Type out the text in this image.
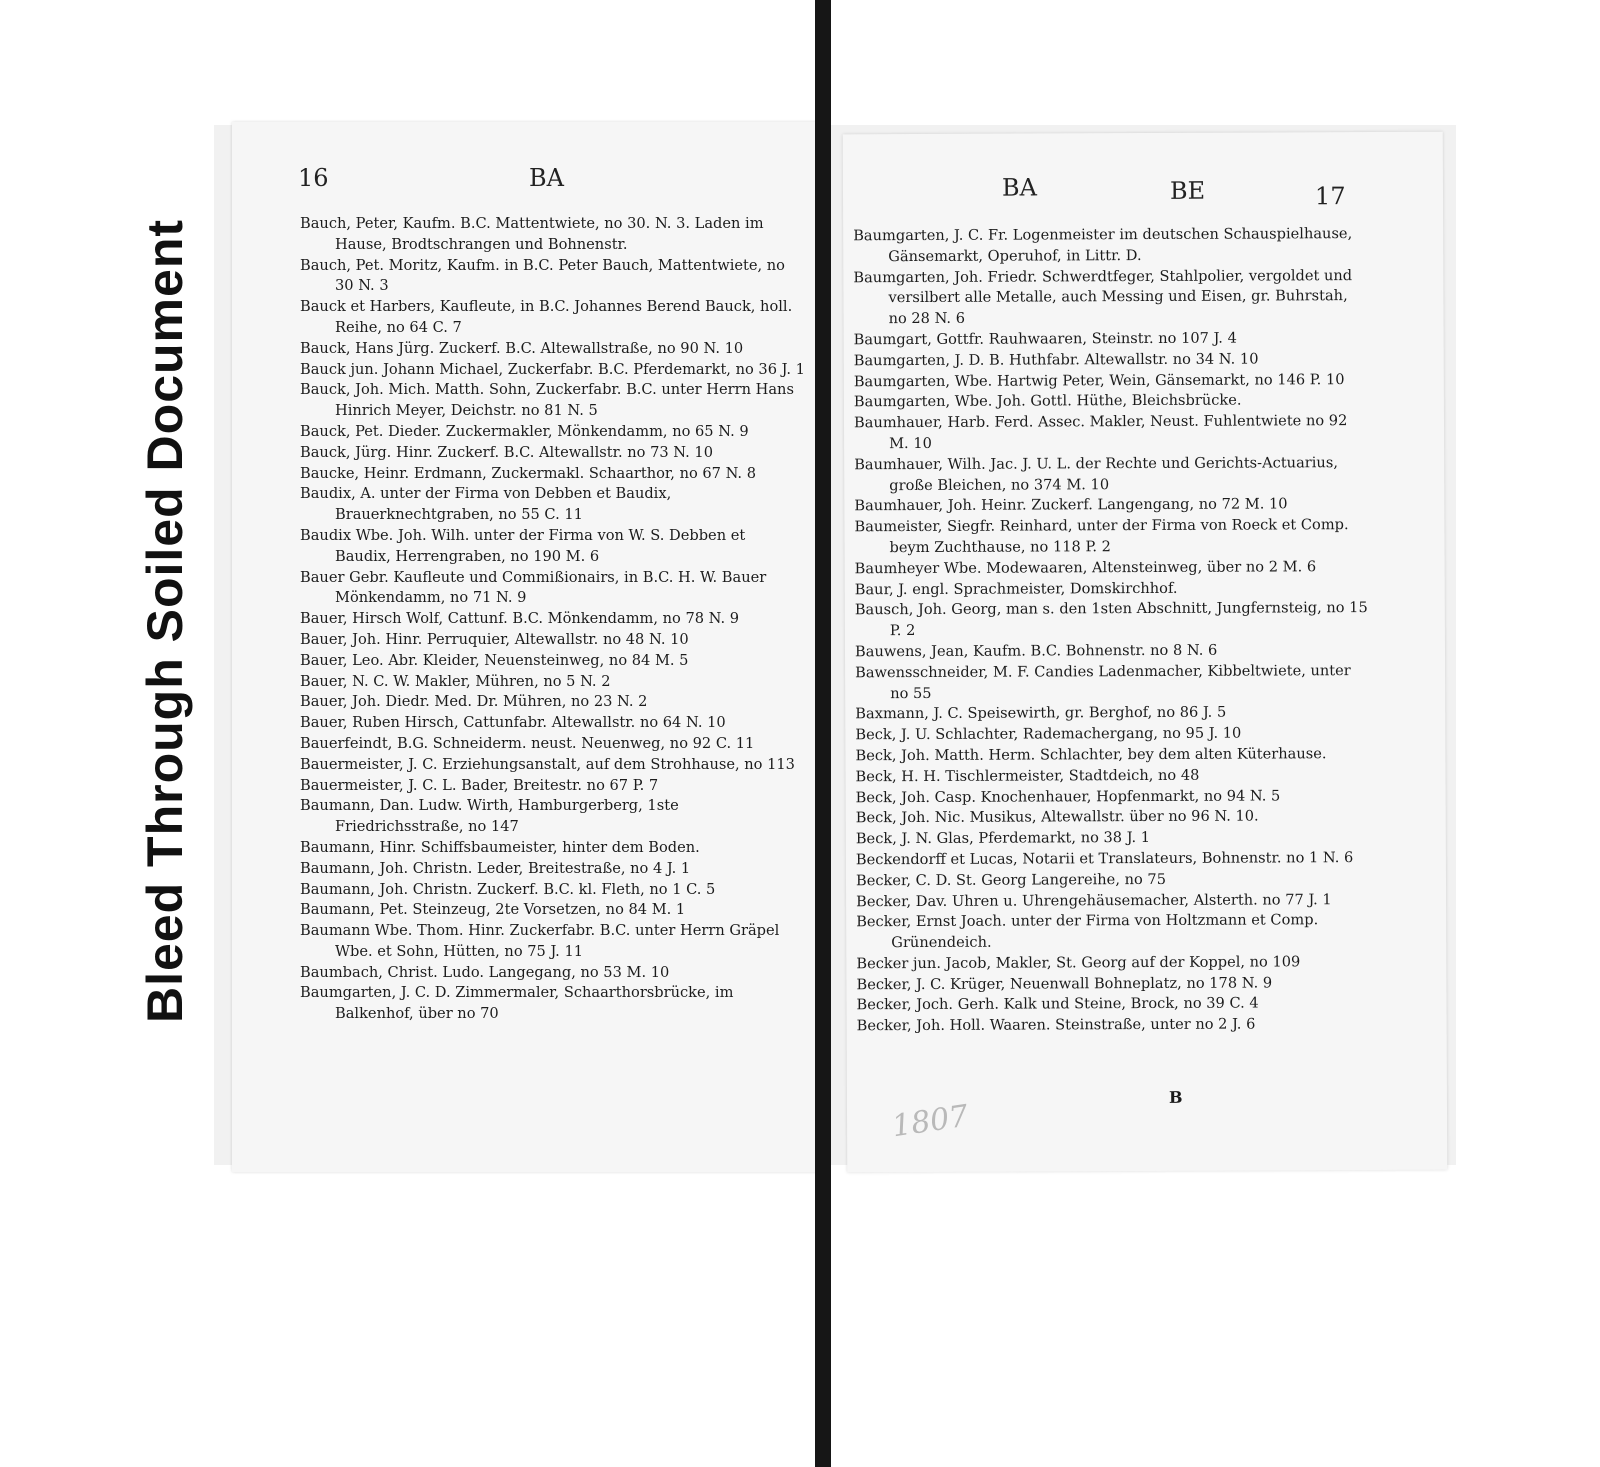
Bleed Through Soiled Document
16	BA
Bauch, Peter, Kaufm. B.C. Mattentwiete, no 30. N. 3. Laden im Hause, Brodtschrangen und Bohnenstr.
Bauch, Pet. Moritz, Kaufm. in B.C. Peter Bauch, Mattentwiete, no 30 N. 3
Bauck et Harbers, Kaufleute, in B.C. Johannes Berend Bauck, holl. Reihe, no 64 C. 7
Bauck, Hans Jürg. Zuckerf. B.C. Altewallstraße, no 90 N. 10
Bauck jun. Johann Michael, Zuckerfabr. B.C. Pferdemarkt, no 36 J. 1
Bauck, Joh. Mich. Matth. Sohn, Zuckerfabr. B.C. unter Herrn Hans Hinrich Meyer, Deichstr. no 81 N. 5
Bauck, Pet. Dieder. Zuckermakler, Mönkendamm, no 65 N. 9
Bauck, Jürg. Hinr. Zuckerf. B.C. Altewallstr. no 73 N. 10
Baucke, Heinr. Erdmann, Zuckermakl. Schaarthor, no 67 N. 8
Baudix, A. unter der Firma von Debben et Baudix, Brauerknechtgraben, no 55 C. 11
Baudix Wbe. Joh. Wilh. unter der Firma von W. S. Debben et Baudix, Herrengraben, no 190 M. 6
Bauer Gebr. Kaufleute und Commißionairs, in B.C. H. W. Bauer Mönkendamm, no 71 N. 9
Bauer, Hirsch Wolf, Cattunf. B.C. Mönkendamm, no 78 N. 9
Bauer, Joh. Hinr. Perruquier, Altewallstr. no 48 N. 10
Bauer, Leo. Abr. Kleider, Neuensteinweg, no 84 M. 5
Bauer, N. C. W. Makler, Mühren, no 5 N. 2
Bauer, Joh. Diedr. Med. Dr. Mühren, no 23 N. 2
Bauer, Ruben Hirsch, Cattunfabr. Altewallstr. no 64 N. 10
Bauerfeindt, B.G. Schneiderm. neust. Neuenweg, no 92 C. 11
Bauermeister, J. C. Erziehungsanstalt, auf dem Strohhause, no 113
Bauermeister, J. C. L. Bader, Breitestr. no 67 P. 7
Baumann, Dan. Ludw. Wirth, Hamburgerberg, 1ste Friedrichsstraße, no 147
Baumann, Hinr. Schiffsbaumeister, hinter dem Boden.
Baumann, Joh. Christn. Leder, Breitestraße, no 4 J. 1
Baumann, Joh. Christn. Zuckerf. B.C. kl. Fleth, no 1 C. 5
Baumann, Pet. Steinzeug, 2te Vorsetzen, no 84 M. 1
Baumann Wbe. Thom. Hinr. Zuckerfabr. B.C. unter Herrn Gräpel Wbe. et Sohn, Hütten, no 75 J. 11
Baumbach, Christ. Ludo. Langegang, no 53 M. 10
Baumgarten, J. C. D. Zimmermaler, Schaarthorsbrücke, im Balkenhof, über no 70
BA	BE	17
Baumgarten, J. C. Fr. Logenmeister im deutschen Schauspielhause, Gänsemarkt, Operuhof, in Littr. D.
Baumgarten, Joh. Friedr. Schwerdtfeger, Stahlpolier, vergoldet und versilbert alle Metalle, auch Messing und Eisen, gr. Buhrstah, no 28 N. 6
Baumgart, Gottfr. Rauhwaaren, Steinstr. no 107 J. 4
Baumgarten, J. D. B. Huthfabr. Altewallstr. no 34 N. 10
Baumgarten, Wbe. Hartwig Peter, Wein, Gänsemarkt, no 146 P. 10
Baumgarten, Wbe. Joh. Gottl. Hüthe, Bleichsbrücke.
Baumhauer, Harb. Ferd. Assec. Makler, Neust. Fuhlentwiete no 92 M. 10
Baumhauer, Wilh. Jac. J. U. L. der Rechte und Gerichts-Actuarius, große Bleichen, no 374 M. 10
Baumhauer, Joh. Heinr. Zuckerf. Langengang, no 72 M. 10
Baumeister, Siegfr. Reinhard, unter der Firma von Roeck et Comp. beym Zuchthause, no 118 P. 2
Baumheyer Wbe. Modewaaren, Altensteinweg, über no 2 M. 6
Baur, J. engl. Sprachmeister, Domskirchhof.
Bausch, Joh. Georg, man s. den 1sten Abschnitt, Jungfernsteig, no 15 P. 2
Bauwens, Jean, Kaufm. B.C. Bohnenstr. no 8 N. 6
Bawensschneider, M. F. Candies Ladenmacher, Kibbeltwiete, unter no 55
Baxmann, J. C. Speisewirth, gr. Berghof, no 86 J. 5
Beck, J. U. Schlachter, Rademachergang, no 95 J. 10
Beck, Joh. Matth. Herm. Schlachter, bey dem alten Küterhause.
Beck, H. H. Tischlermeister, Stadtdeich, no 48
Beck, Joh. Casp. Knochenhauer, Hopfenmarkt, no 94 N. 5
Beck, Joh. Nic. Musikus, Altewallstr. über no 96 N. 10.
Beck, J. N. Glas, Pferdemarkt, no 38 J. 1
Beckendorff et Lucas, Notarii et Translateurs, Bohnenstr. no 1 N. 6
Becker, C. D. St. Georg Langereihe, no 75
Becker, Dav. Uhren u. Uhrengehäusemacher, Alsterth. no 77 J. 1
Becker, Ernst Joach. unter der Firma von Holtzmann et Comp. Grünendeich.
Becker jun. Jacob, Makler, St. Georg auf der Koppel, no 109
Becker, J. C. Krüger, Neuenwall Bohneplatz, no 178 N. 9
Becker, Joch. Gerh. Kalk und Steine, Brock, no 39 C. 4
Becker, Joh. Holl. Waaren. Steinstraße, unter no 2 J. 6
B
1807
